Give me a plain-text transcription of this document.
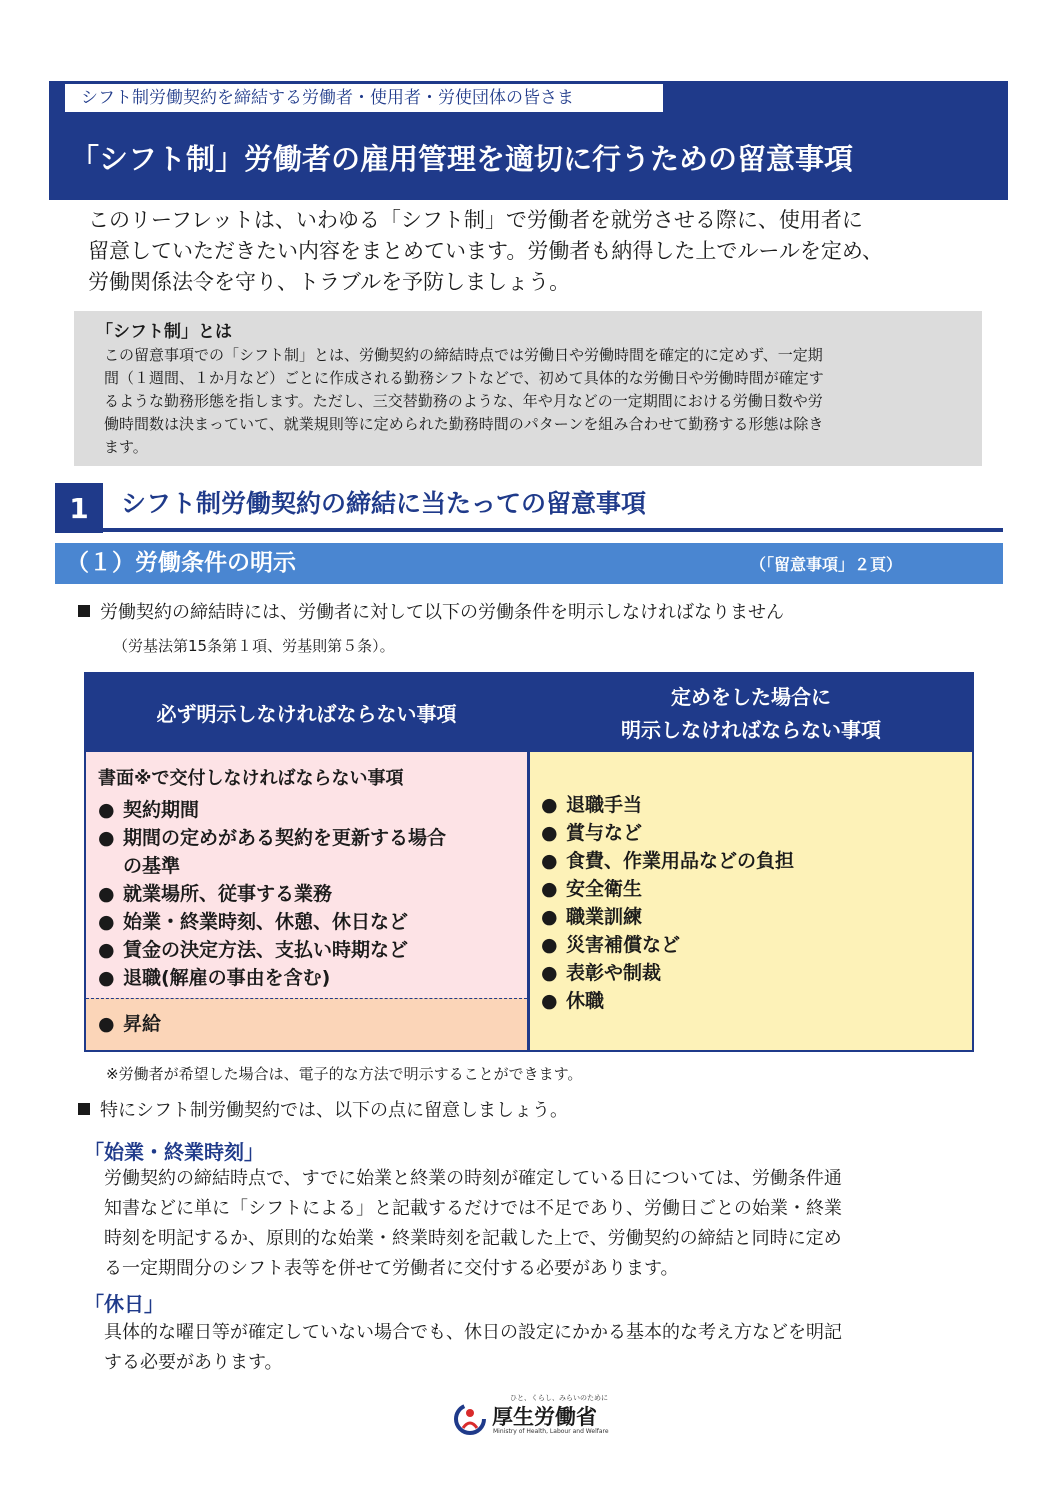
シフト制労働契約を締結する労働者・使用者・労使団体の皆さま
「シフト制」労働者の雇用管理を適切に行うための留意事項
このリーフレットは、いわゆる「シフト制」で労働者を就労させる際に、使用者に
留意していただきたい内容をまとめています。労働者も納得した上でルールを定め、
労働関係法令を守り、トラブルを予防しましょう。
「シフト制」とは
この留意事項での「シフト制」とは、労働契約の締結時点では労働日や労働時間を確定的に定めず、一定期
間（１週間、１か月など）ごとに作成される勤務シフトなどで、初めて具体的な労働日や労働時間が確定す
るような勤務形態を指します。ただし、三交替勤務のような、年や月などの一定期間における労働日数や労
働時間数は決まっていて、就業規則等に定められた勤務時間のパターンを組み合わせて勤務する形態は除き
ます。
1	シフト制労働契約の締結に当たっての留意事項
（１）労働条件の明示	（「留意事項」２頁）
労働契約の締結時には、労働者に対して以下の労働条件を明示しなければなりません
（労基法第15条第１項、労基則第５条）。
必ず明示しなければならない事項
定めをした場合に
明示しなければならない事項
書面※で交付しなければならない事項
● 契約期間
● 期間の定めがある契約を更新する場合
の基準
● 就業場所、従事する業務
● 始業・終業時刻、休憩、休日など
● 賃金の決定方法、支払い時期など
● 退職(解雇の事由を含む)
● 昇給
● 退職手当
● 賞与など
● 食費、作業用品などの負担
● 安全衛生
● 職業訓練
● 災害補償など
● 表彰や制裁
● 休職
※労働者が希望した場合は、電子的な方法で明示することができます。
特にシフト制労働契約では、以下の点に留意しましょう。
「始業・終業時刻」
労働契約の締結時点で、すでに始業と終業の時刻が確定している日については、労働条件通
知書などに単に「シフトによる」と記載するだけでは不足であり、労働日ごとの始業・終業
時刻を明記するか、原則的な始業・終業時刻を記載した上で、労働契約の締結と同時に定め
る一定期間分のシフト表等を併せて労働者に交付する必要があります。
「休日」
具体的な曜日等が確定していない場合でも、休日の設定にかかる基本的な考え方などを明記
する必要があります。
ひと、くらし、みらいのために
厚生労働省
Ministry of Health, Labour and Welfare
